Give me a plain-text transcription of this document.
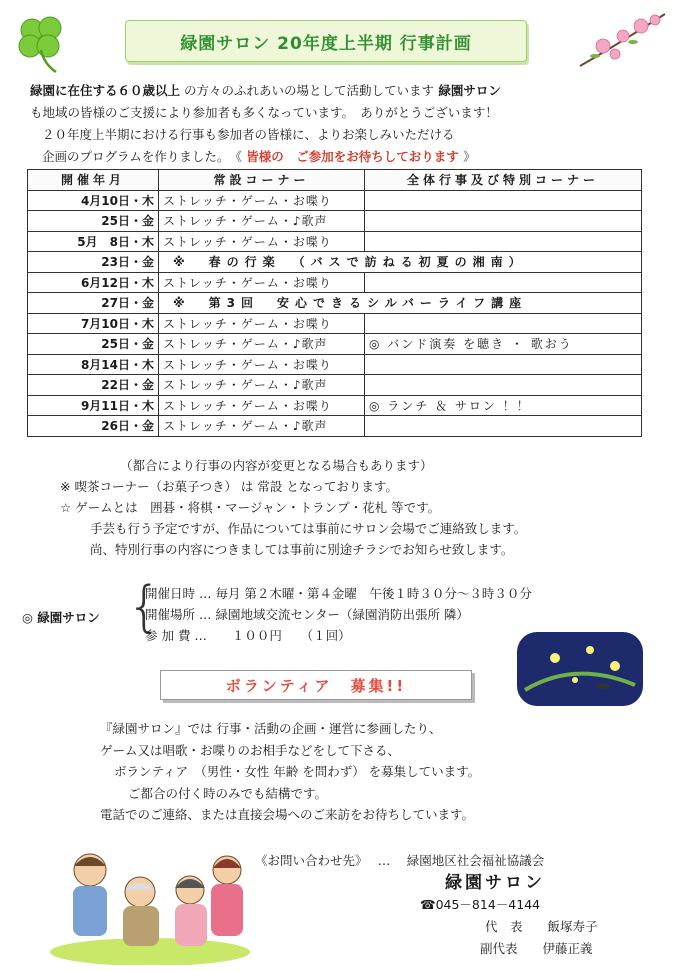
緑園サロン 20年度上半期 行事計画
緑園に在住する６０歳以上 の方々のふれあいの場として活動しています 緑園サロン
も地域の皆様のご支援により参加者も多くなっています。　ありがとうございます！
２０年度上半期における行事も参加者の皆様に、よりお楽しみいただける
企画のプログラムを作りました。　《 皆様の　ご参加をお待ちしております 》
開催年月	常設コーナー	全体行事及び特別コーナー
4月10日・木	ストレッチ・ゲーム・お喋り	
25日・金	ストレッチ・ゲーム・♪歌声	
5月　8日・木	ストレッチ・ゲーム・お喋り	
23日・金	※　春の行楽　（バスで訪ねる初夏の湘南）	
6月12日・木	ストレッチ・ゲーム・お喋り	
27日・金	※　第3回　安心できるシルバーライフ講座	
7月10日・木	ストレッチ・ゲーム・お喋り	
25日・金	ストレッチ・ゲーム・♪歌声	◎ バンド演奏 を聴き ・ 歌おう
8月14日・木	ストレッチ・ゲーム・お喋り	
22日・金	ストレッチ・ゲーム・♪歌声	
9月11日・木	ストレッチ・ゲーム・お喋り	◎ ランチ ＆ サロン ！！
26日・金	ストレッチ・ゲーム・♪歌声	
（都合により行事の内容が変更となる場合もあります）
※ 喫茶コーナー（お菓子つき） は 常設 となっております。
☆ ゲームとは　囲碁・将棋・マージャン・トランプ・花札 等です。
手芸も行う予定ですが、作品については事前にサロン会場でご連絡致します。
尚、特別行事の内容につきましては事前に別途チラシでお知らせ致します。
◎ 緑園サロン {
開催日時 … 毎月 第２木曜・第４金曜　午後１時３０分～３時３０分
開催場所 … 緑園地域交流センター（緑園消防出張所 隣）
参 加 費 …　　１００円　　（１回）
ボランティア　募集!!
『緑園サロン』では 行事・活動の企画・運営に参画したり、
ゲーム又は唱歌・お喋りのお相手などをして下さる、
ボランティア　（男性・女性 年齢 を問わず） を募集しています。
ご都合の付く時のみでも結構です。
電話でのご連絡、または直接会場へのご来訪をお待ちしています。
《お問い合わせ先》　 …　 緑園地区社会福祉協議会
緑園サロン
☎045－814－4144
代　表　　飯塚寿子
副代表　　伊藤正義
